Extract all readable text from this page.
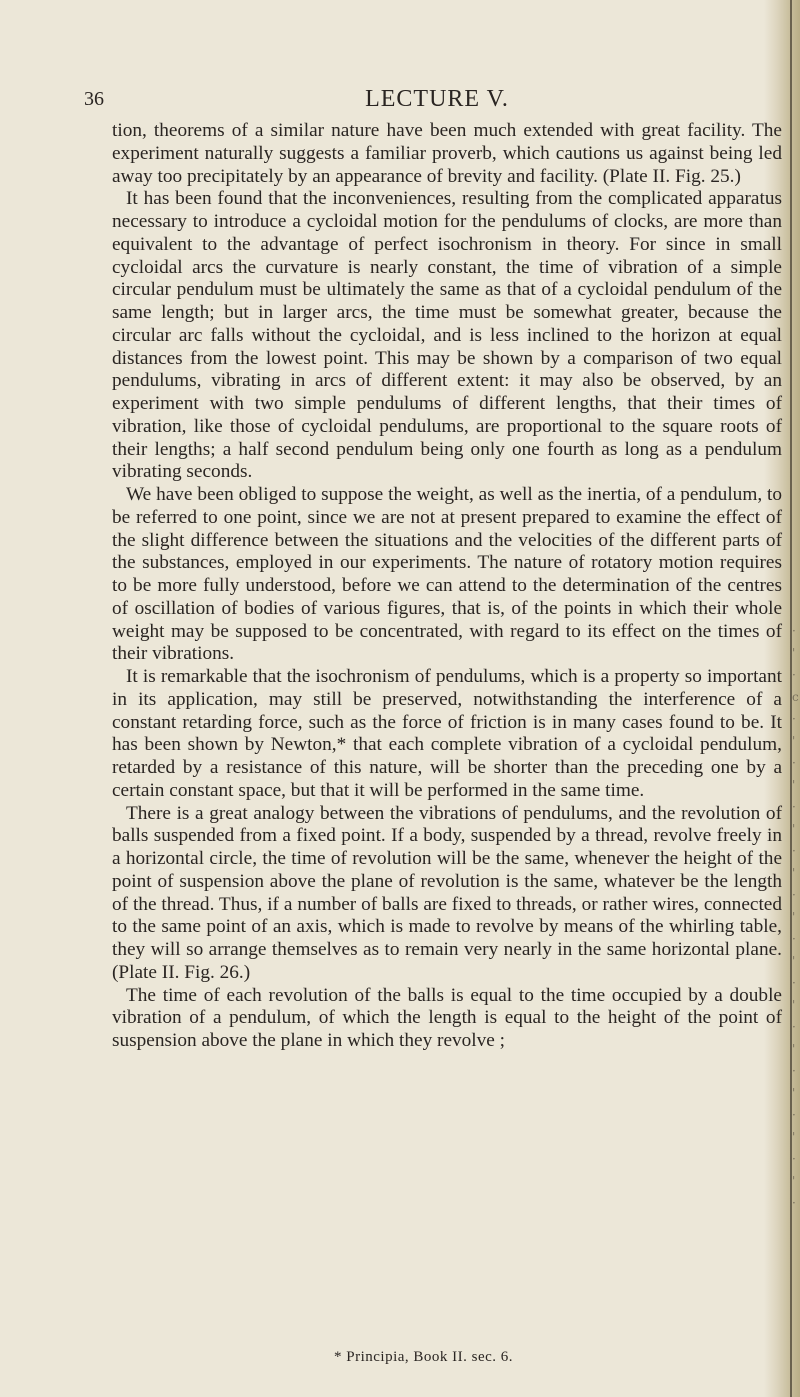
·
'
·
c
·
'
·
'
·
'
·
'
·
'
·
'
·
'
·
'
·
'
·
'
·
'
·
36	LECTURE V.

tion, theorems of a similar nature have been much extended with great facility. The experiment naturally suggests a familiar proverb, which cautions us against being led away too precipitately by an appearance of brevity and facility. (Plate II. Fig. 25.)

It has been found that the inconveniences, resulting from the complicated apparatus necessary to introduce a cycloidal motion for the pendulums of clocks, are more than equivalent to the advantage of perfect isochronism in theory. For since in small cycloidal arcs the curvature is nearly constant, the time of vibration of a simple circular pendulum must be ultimately the same as that of a cycloidal pendulum of the same length; but in larger arcs, the time must be somewhat greater, because the circular arc falls without the cycloidal, and is less inclined to the horizon at equal distances from the lowest point. This may be shown by a comparison of two equal pendulums, vibrating in arcs of different extent: it may also be observed, by an experiment with two simple pendulums of different lengths, that their times of vibration, like those of cycloidal pendulums, are proportional to the square roots of their lengths; a half second pendulum being only one fourth as long as a pendulum vibrating seconds.

We have been obliged to suppose the weight, as well as the inertia, of a pendulum, to be referred to one point, since we are not at present prepared to examine the effect of the slight difference between the situations and the velocities of the different parts of the substances, employed in our experiments. The nature of rotatory motion requires to be more fully understood, before we can attend to the determination of the centres of oscillation of bodies of various figures, that is, of the points in which their whole weight may be supposed to be concentrated, with regard to its effect on the times of their vibrations.

It is remarkable that the isochronism of pendulums, which is a property so important in its application, may still be preserved, notwithstanding the interference of a constant retarding force, such as the force of friction is in many cases found to be. It has been shown by Newton,* that each complete vibration of a cycloidal pendulum, retarded by a resistance of this nature, will be shorter than the preceding one by a certain constant space, but that it will be performed in the same time.

There is a great analogy between the vibrations of pendulums, and the revolution of balls suspended from a fixed point. If a body, suspended by a thread, revolve freely in a horizontal circle, the time of revolution will be the same, whenever the height of the point of suspension above the plane of revolution is the same, whatever be the length of the thread. Thus, if a number of balls are fixed to threads, or rather wires, connected to the same point of an axis, which is made to revolve by means of the whirling table, they will so arrange themselves as to remain very nearly in the same horizontal plane. (Plate II. Fig. 26.)

The time of each revolution of the balls is equal to the time occupied by a double vibration of a pendulum, of which the length is equal to the height of the point of suspension above the plane in which they revolve ;

* Principia, Book II. sec. 6.
